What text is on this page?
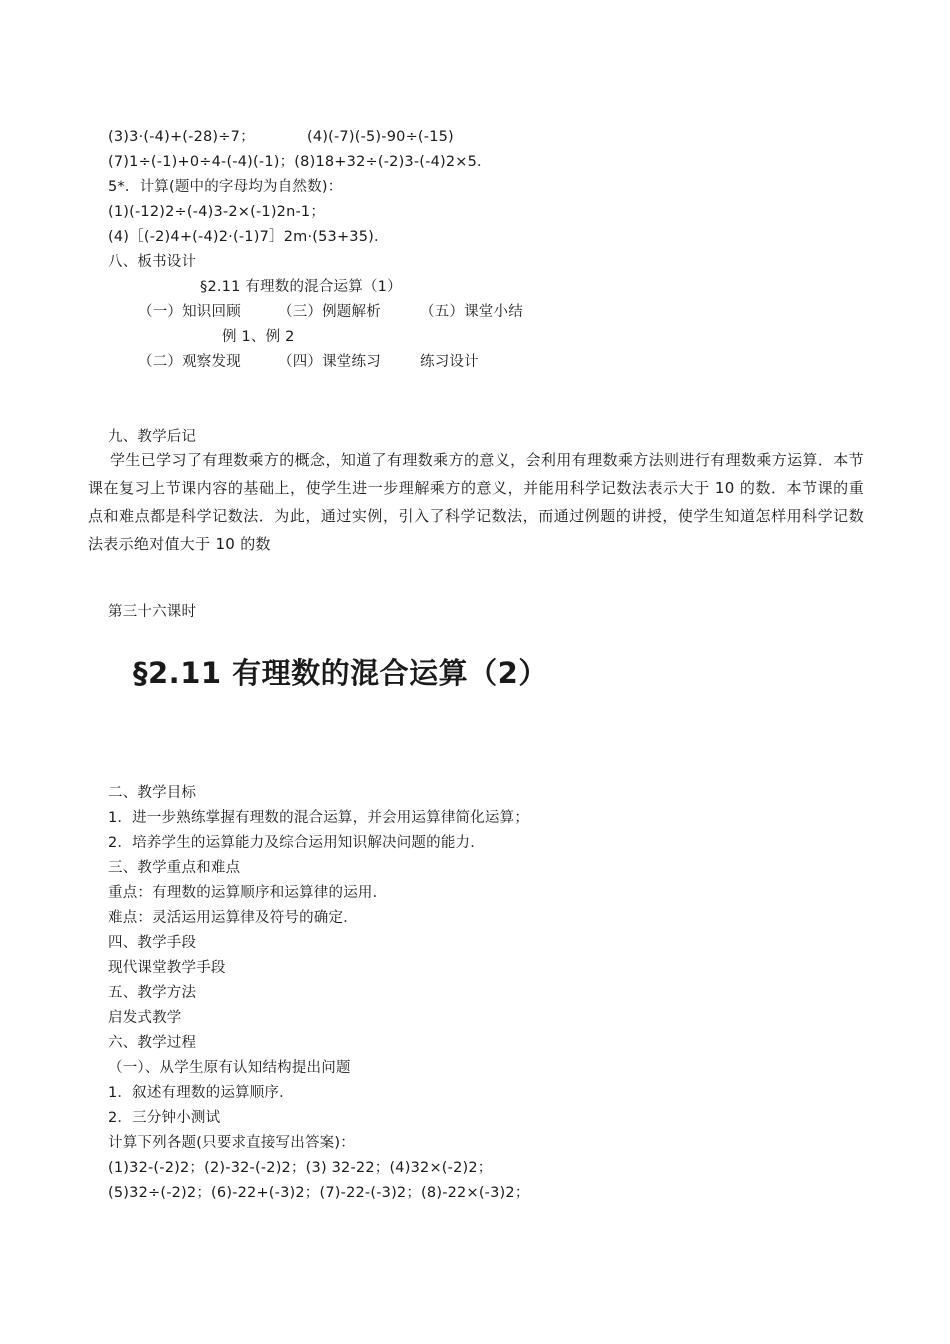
(3)3·(-4)+(-28)÷7；	(4)(-7)(-5)-90÷(-15)
(7)1÷(-1)+0÷4-(-4)(-1)；(8)18+32÷(-2)3-(-4)2×5．
5*．计算(题中的字母均为自然数)：
(1)(-12)2÷(-4)3-2×(-1)2n-1；
(4)［(-2)4+(-4)2·(-1)7］2m·(53+35)．
八、板书设计
§2.11 有理数的混合运算（1）
（一）知识回顾	（三）例题解析	（五）课堂小结
例 1、例 2
（二）观察发现	（四）课堂练习	练习设计
九、教学后记
学生已学习了有理数乘方的概念，知道了有理数乘方的意义，会利用有理数乘方法则进行有理数乘方运算．本节课在复习上节课内容的基础上，使学生进一步理解乘方的意义，并能用科学记数法表示大于 10 的数．本节课的重点和难点都是科学记数法．为此，通过实例，引入了科学记数法，而通过例题的讲授，使学生知道怎样用科学记数法表示绝对值大于 10 的数
第三十六课时
§2.11 有理数的混合运算（2）
二、教学目标
1．进一步熟练掌握有理数的混合运算，并会用运算律简化运算；
2．培养学生的运算能力及综合运用知识解决问题的能力．
三、教学重点和难点
重点：有理数的运算顺序和运算律的运用．
难点：灵活运用运算律及符号的确定．
四、教学手段
现代课堂教学手段
五、教学方法
启发式教学
六、教学过程
（一）、从学生原有认知结构提出问题
1．叙述有理数的运算顺序．
2．三分钟小测试
计算下列各题(只要求直接写出答案)：
(1)32-(-2)2；(2)-32-(-2)2；(3) 32-22；(4)32×(-2)2；
(5)32÷(-2)2；(6)-22+(-3)2；(7)-22-(-3)2；(8)-22×(-3)2；
